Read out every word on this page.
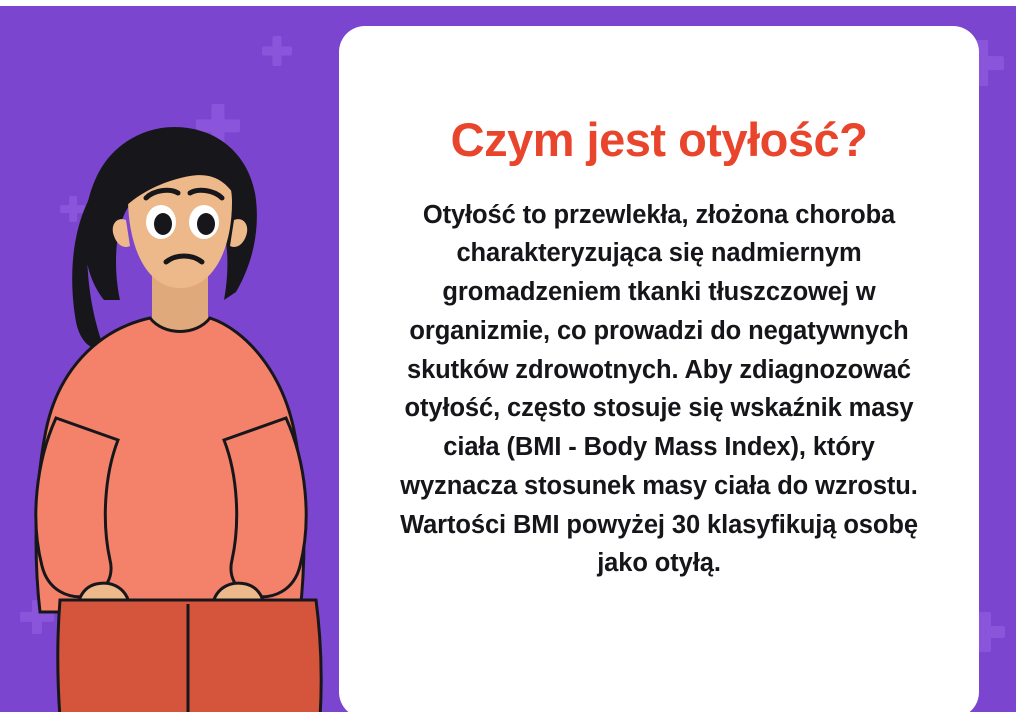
Czym jest otyłość?

Otyłość to przewlekła, złożona choroba charakteryzująca się nadmiernym gromadzeniem tkanki tłuszczowej w organizmie, co prowadzi do negatywnych skutków zdrowotnych. Aby zdiagnozować otyłość, często stosuje się wskaźnik masy ciała (BMI - Body Mass Index), który wyznacza stosunek masy ciała do wzrostu. Wartości BMI powyżej 30 klasyfikują osobę jako otyłą.
